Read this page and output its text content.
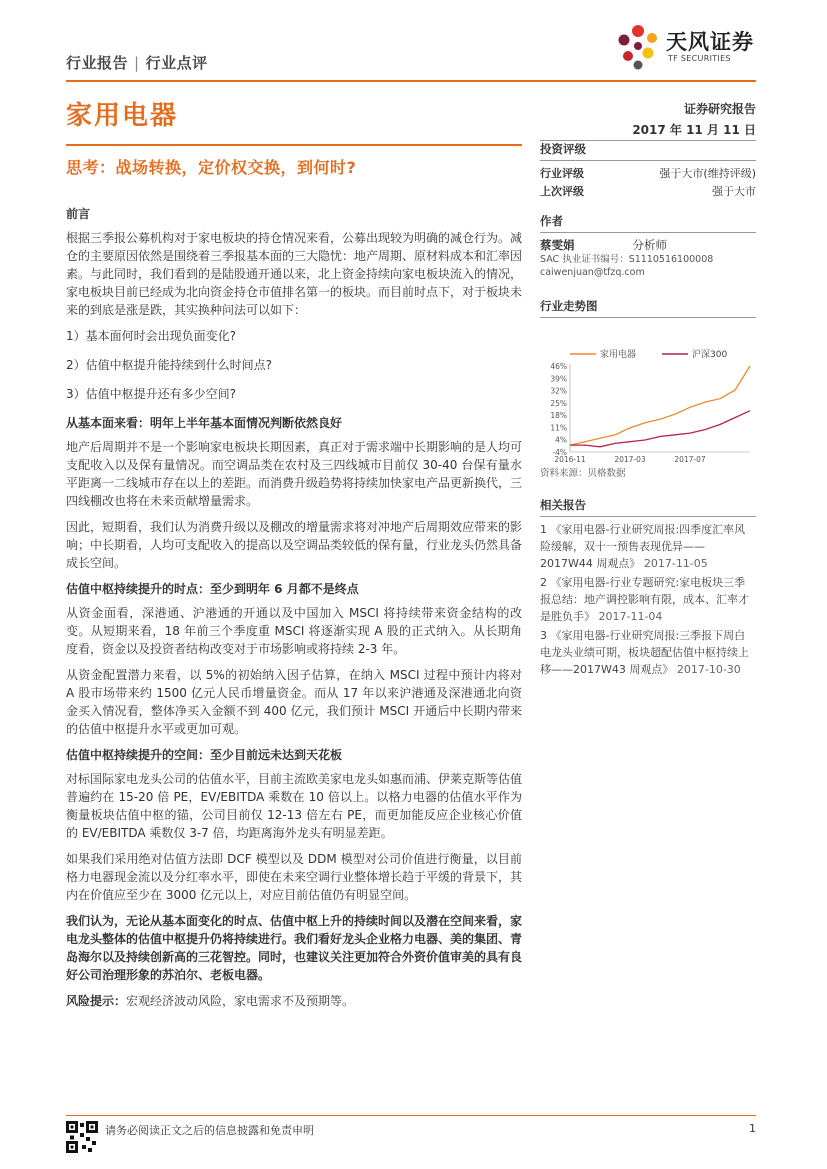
行业报告 | 行业点评
天风证券
TF SECURITIES
家用电器	证券研究报告
2017 年 11 月 11 日
思考：战场转换，定价权交换，到何时?

前言

根据三季报公募机构对于家电板块的持仓情况来看，公募出现较为明确的减仓行为。减仓的主要原因依然是围绕着三季报基本面的三大隐忧：地产周期、原材料成本和汇率因素。与此同时，我们看到的是陆股通开通以来，北上资金持续向家电板块流入的情况，家电板块目前已经成为北向资金持仓市值排名第一的板块。而目前时点下，对于板块未来的到底是涨是跌，其实换种问法可以如下：

1）基本面何时会出现负面变化?

2）估值中枢提升能持续到什么时间点?

3）估值中枢提升还有多少空间?

从基本面来看：明年上半年基本面情况判断依然良好

地产后周期并不是一个影响家电板块长期因素，真正对于需求端中长期影响的是人均可支配收入以及保有量情况。而空调品类在农村及三四线城市目前仅 30-40 台保有量水平距离一二线城市存在以上的差距。而消费升级趋势将持续加快家电产品更新换代，三四线棚改也将在未来贡献增量需求。

因此，短期看，我们认为消费升级以及棚改的增量需求将对冲地产后周期效应带来的影响；中长期看，人均可支配收入的提高以及空调品类较低的保有量，行业龙头仍然具备成长空间。

估值中枢持续提升的时点：至少到明年 6 月都不是终点

从资金面看，深港通、沪港通的开通以及中国加入 MSCI 将持续带来资金结构的改变。从短期来看，18 年前三个季度重 MSCI 将逐渐实现 A 股的正式纳入。从长期角度看，资金以及投资者结构改变对于市场影响或将持续 2-3 年。

从资金配置潜力来看，以 5%的初始纳入因子估算，在纳入 MSCI 过程中预计内将对 A 股市场带来约 1500 亿元人民币增量资金。而从 17 年以来沪港通及深港通北向资金买入情况看，整体净买入金额不到 400 亿元，我们预计 MSCI 开通后中长期内带来的估值中枢提升水平或更加可观。

估值中枢持续提升的空间：至少目前远未达到天花板

对标国际家电龙头公司的估值水平，目前主流欧美家电龙头如惠而浦、伊莱克斯等估值普遍约在 15-20 倍 PE，EV/EBITDA 乘数在 10 倍以上。以格力电器的估值水平作为衡量板块估值中枢的锚，公司目前仅 12-13 倍左右 PE，而更加能反应企业核心价值的 EV/EBITDA 乘数仅 3-7 倍，均距离海外龙头有明显差距。

如果我们采用绝对估值方法即 DCF 模型以及 DDM 模型对公司价值进行衡量，以目前格力电器现金流以及分红率水平，即使在未来空调行业整体增长趋于平缓的背景下，其内在价值应至少在 3000 亿元以上，对应目前估值仍有明显空间。

我们认为，无论从基本面变化的时点、估值中枢上升的持续时间以及潜在空间来看，家电龙头整体的估值中枢提升仍将持续进行。我们看好龙头企业格力电器、美的集团、青岛海尔以及持续创新高的三花智控。同时，也建议关注更加符合外资价值审美的具有良好公司治理形象的苏泊尔、老板电器。

风险提示：宏观经济波动风险，家电需求不及预期等。

投资评级
行业评级	强于大市(维持评级)
上次评级	强于大市
作者
蔡雯娟	分析师
SAC 执业证书编号：S1110516100008
caiwenjuan@tfzq.com
行业走势图
家用电器	沪深300
46%
39%
32%
25%
18%
11%
4%
-4%
2016-11	2017-03	2017-07
资料来源：贝格数据
相关报告
1 《家用电器-行业研究周报:四季度汇率风险缓解，双十一预售表现优异——2017W44 周观点》 2017-11-05
2 《家用电器-行业专题研究:家电板块三季报总结：地产调控影响有限，成本、汇率才是胜负手》 2017-11-04
3 《家用电器-行业研究周报:三季报下周白电龙头业绩可期，板块超配估值中枢持续上移——2017W43 周观点》 2017-10-30
请务必阅读正文之后的信息披露和免责申明	1
